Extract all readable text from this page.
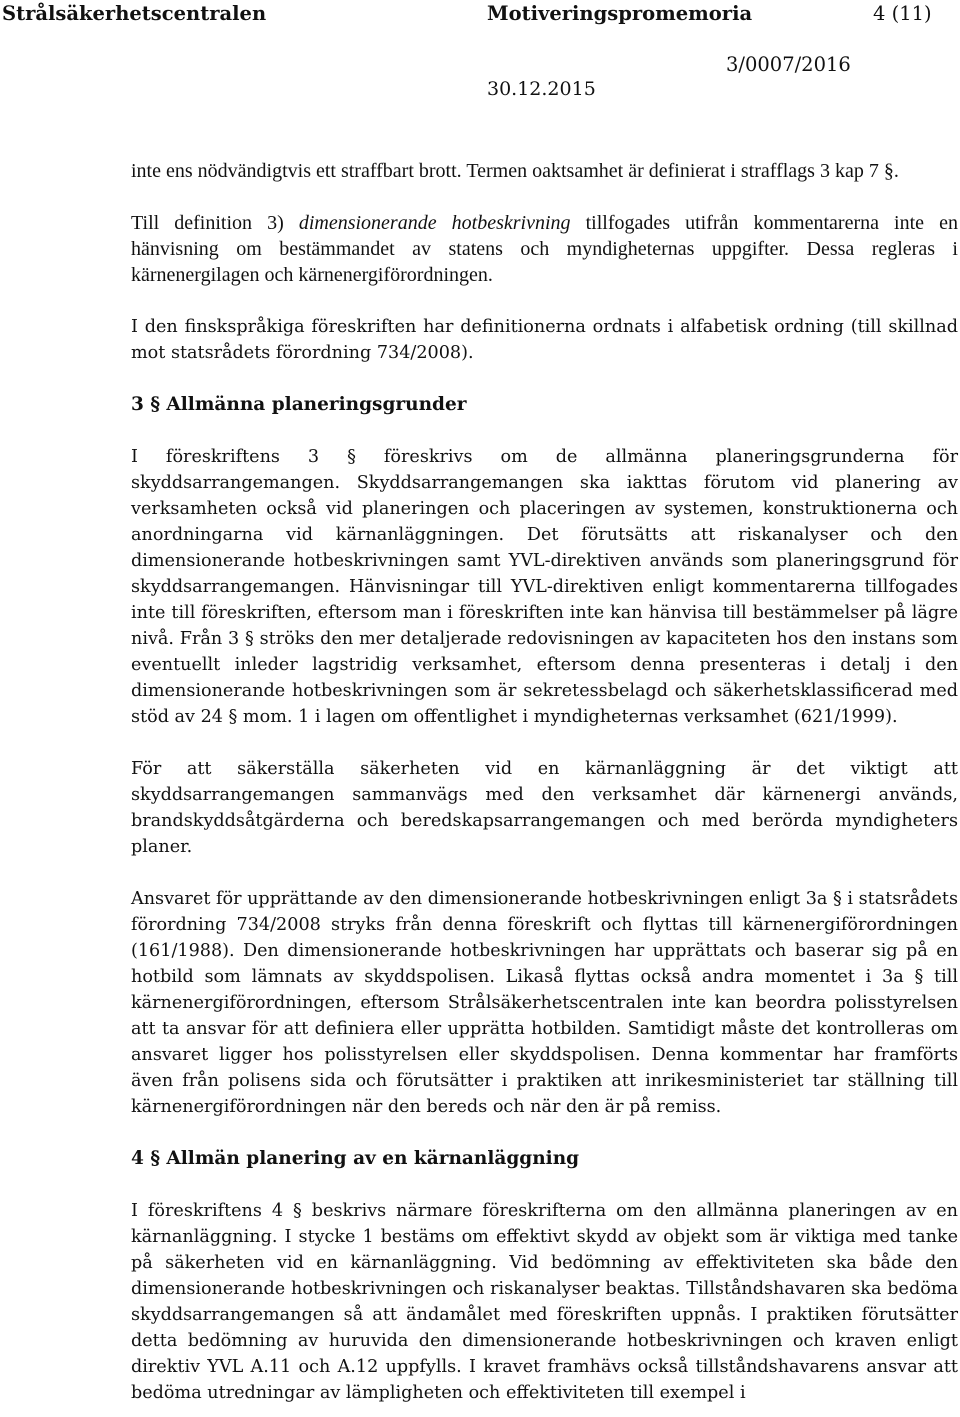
Strålsäkerhetscentralen	Motiveringspromemoria	4 (11)
3/0007/2016
30.12.2015

inte ens nödvändigtvis ett straffbart brott. Termen oaktsamhet är definierat i strafflags 3 kap 7 §.

Till definition 3) dimensionerande hotbeskrivning tillfogades utifrån kommentarerna inte en hänvisning om bestämmandet av statens och myndigheternas uppgifter. Dessa regleras i kärnenergilagen och kärnenergiförordningen.

I den finskspråkiga föreskriften har definitionerna ordnats i alfabetisk ordning (till skillnad mot statsrådets förordning 734/2008).

3 § Allmänna planeringsgrunder

I föreskriftens 3 § föreskrivs om de allmänna planeringsgrunderna för skyddsarrangemangen. Skyddsarrangemangen ska iakttas förutom vid planering av verksamheten också vid planeringen och placeringen av systemen, konstruktionerna och anordningarna vid kärnanläggningen. Det förutsätts att riskanalyser och den dimensionerande hotbeskrivningen samt YVL-direktiven används som planeringsgrund för skyddsarrangemangen. Hänvisningar till YVL-direktiven enligt kommentarerna tillfogades inte till föreskriften, eftersom man i föreskriften inte kan hänvisa till bestämmelser på lägre nivå. Från 3 § ströks den mer detaljerade redovisningen av kapaciteten hos den instans som eventuellt inleder lagstridig verksamhet, eftersom denna presenteras i detalj i den dimensionerande hotbeskrivningen som är sekretessbelagd och säkerhetsklassificerad med stöd av 24 § mom. 1 i lagen om offentlighet i myndigheternas verksamhet (621/1999).

För att säkerställa säkerheten vid en kärnanläggning är det viktigt att skyddsarrangemangen sammanvägs med den verksamhet där kärnenergi används, brandskyddsåtgärderna och beredskapsarrangemangen och med berörda myndigheters planer.

Ansvaret för upprättande av den dimensionerande hotbeskrivningen enligt 3a § i statsrådets förordning 734/2008 stryks från denna föreskrift och flyttas till kärnenergiförordningen (161/1988). Den dimensionerande hotbeskrivningen har upprättats och baserar sig på en hotbild som lämnats av skyddspolisen. Likaså flyttas också andra momentet i 3a § till kärnenergiförordningen, eftersom Strålsäkerhetscentralen inte kan beordra polisstyrelsen att ta ansvar för att definiera eller upprätta hotbilden. Samtidigt måste det kontrolleras om ansvaret ligger hos polisstyrelsen eller skyddspolisen. Denna kommentar har framförts även från polisens sida och förutsätter i praktiken att inrikesministeriet tar ställning till kärnenergiförordningen när den bereds och när den är på remiss.

4 § Allmän planering av en kärnanläggning

I föreskriftens 4 § beskrivs närmare föreskrifterna om den allmänna planeringen av en kärnanläggning. I stycke 1 bestäms om effektivt skydd av objekt som är viktiga med tanke på säkerheten vid en kärnanläggning. Vid bedömning av effektiviteten ska både den dimensionerande hotbeskrivningen och riskanalyser beaktas. Tillståndshavaren ska bedöma skyddsarrangemangen så att ändamålet med föreskriften uppnås. I praktiken förutsätter detta bedömning av huruvida den dimensionerande hotbeskrivningen och kraven enligt direktiv YVL A.11 och A.12 uppfylls. I kravet framhävs också tillståndshavarens ansvar att bedöma utredningar av lämpligheten och effektiviteten till exempel i
